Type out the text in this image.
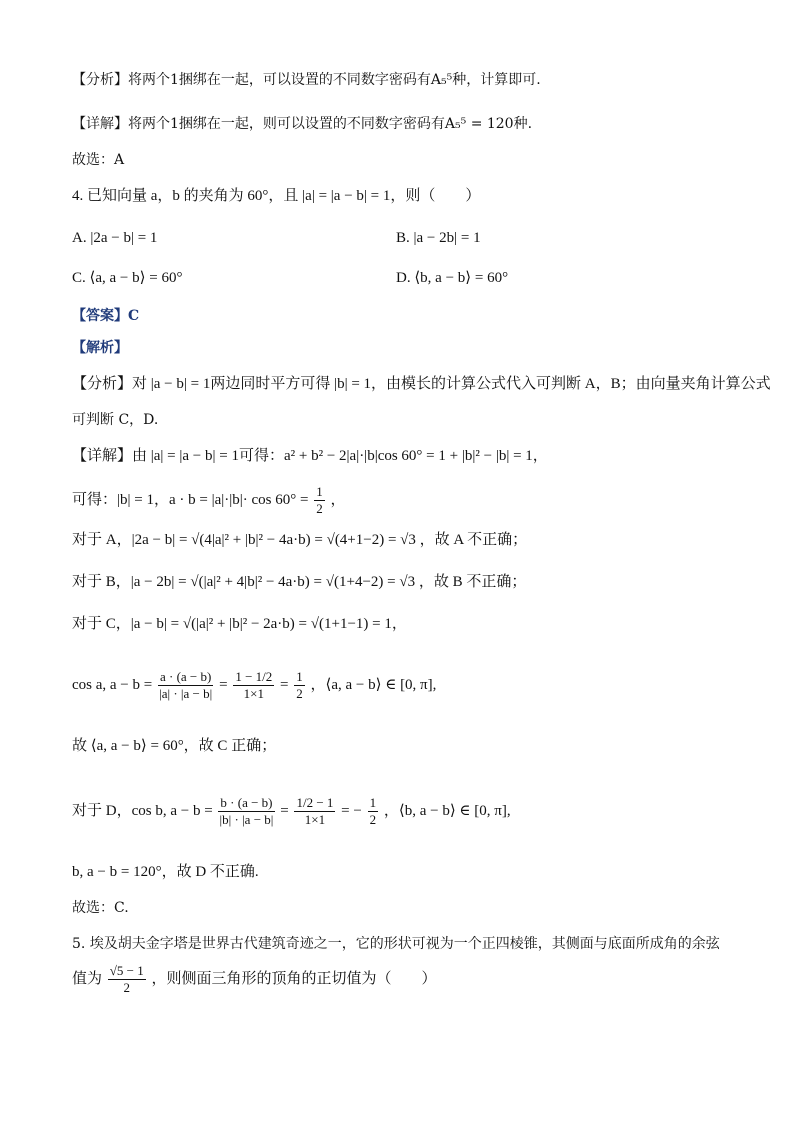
【分析】将两个1捆绑在一起，可以设置的不同数字密码有A₅⁵种，计算即可.
【详解】将两个1捆绑在一起，则可以设置的不同数字密码有A₅⁵ = 120种.
故选：A
4. 已知向量 a，b 的夹角为 60°，且 |a| = |a − b| = 1，则（　　）
A. |2a − b| = 1	B. |a − 2b| = 1
C. ⟨a, a − b⟩ = 60°	D. ⟨b, a − b⟩ = 60°
【答案】C
【解析】
【分析】对 |a − b| = 1两边同时平方可得 |b| = 1，由模长的计算公式代入可判断 A，B；由向量夹角计算公式
可判断 C，D.
【详解】由 |a| = |a − b| = 1可得：a² + b² − 2|a|·|b|cos 60° = 1 + |b|² − |b| = 1，
可得：|b| = 1，$a \cdot b = |a|\cdot|b|\cdot \cos 60^\circ = \frac{1}{2}$ ，
对于 A，|2a − b| = √(4|a|² + |b|² − 4a·b) = √(4+1−2) = √3 ，故 A 不正确；
对于 B，|a − 2b| = √(|a|² + 4|b|² − 4a·b) = √(1+4−2) = √3 ，故 B 不正确；
对于 C，|a − b| = √(|a|² + |b|² − 2a·b) = √(1+1−1) = 1，
cos a, $a - b = \frac{a \cdot (a - b)}{|a| \cdot |a - b|} = \frac{1 - 1/2}{1\times 1} = \frac{1}{2}$ ，⟨a, a − b⟩ ∈ [0, π],
故 ⟨a, a − b⟩ = 60°，故 C 正确；
对于 D，cos b, $a - b = \frac{b \cdot (a - b)}{|b| \cdot |a - b|} = \frac{1/2 - 1}{1\times 1}$ = − $\frac{1}{2}$ ，⟨b, a − b⟩ ∈ [0, π],
b, a − b = 120°，故 D 不正确.
故选：C.
5. 埃及胡夫金字塔是世界古代建筑奇迹之一，它的形状可视为一个正四棱锥，其侧面与底面所成角的余弦
值为 $\frac{√5 - 1}{2}$ ，则侧面三角形的顶角的正切值为（　　）
